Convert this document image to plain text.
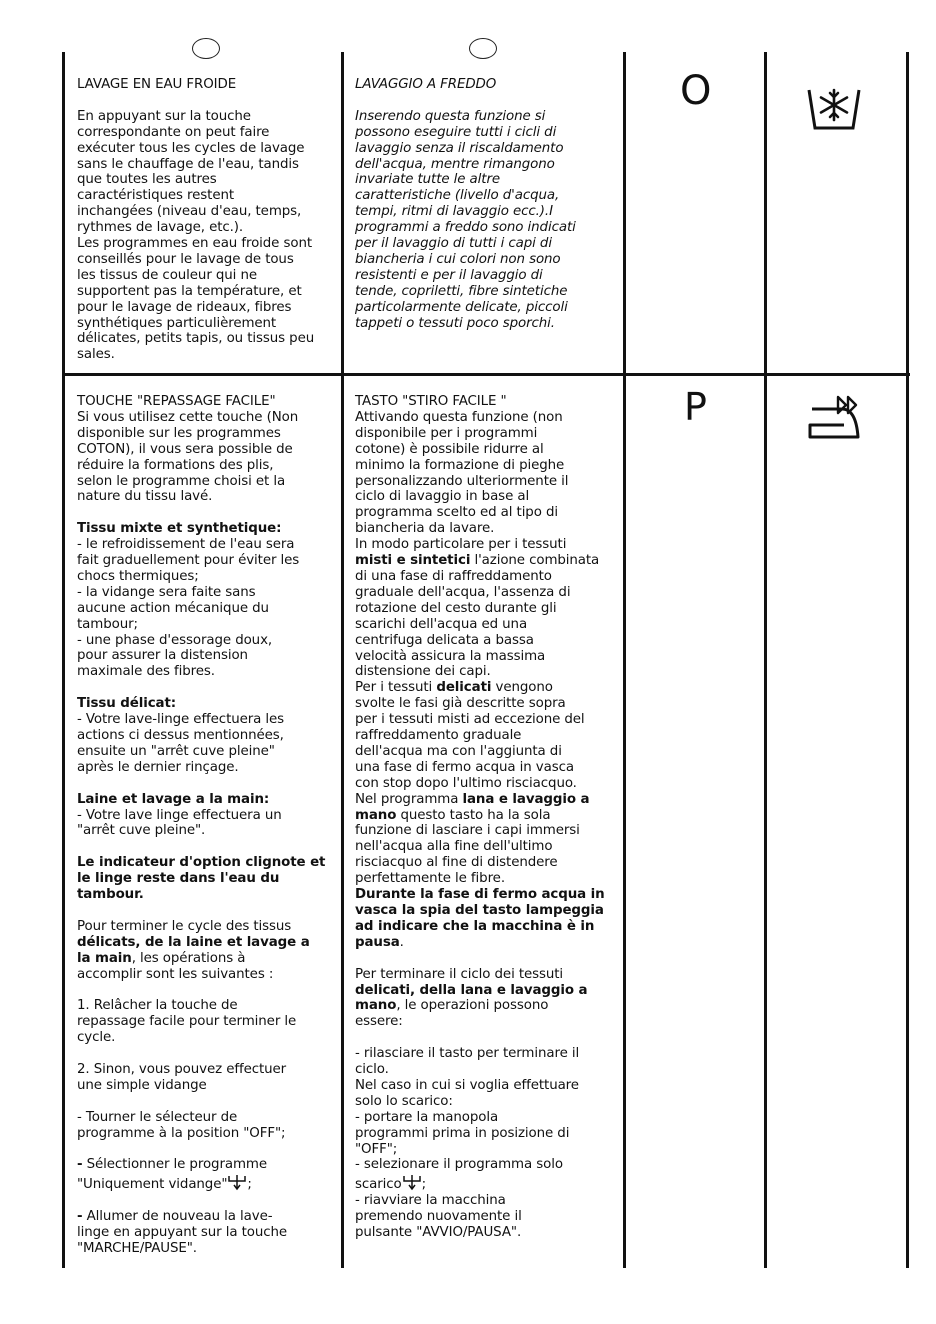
LAVAGE EN EAU FROIDE

En appuyant sur la touche

correspondante on peut faire

exécuter tous les cycles de lavage

sans le chauffage de l'eau, tandis

que toutes les autres

caractéristiques restent

inchangées (niveau d'eau, temps,

rythmes de lavage, etc.).

Les programmes en eau froide sont

conseillés pour le lavage de tous

les tissus de couleur qui ne

supportent pas la température, et

pour le lavage de rideaux, fibres

synthétiques particulièrement

délicates, petits tapis, ou tissus peu

sales.

LAVAGGIO A FREDDO

Inserendo questa funzione si

possono eseguire tutti i cicli di

lavaggio senza il riscaldamento

dell'acqua, mentre rimangono

invariate tutte le altre

caratteristiche (livello d'acqua,

tempi, ritmi di lavaggio ecc.).I

programmi a freddo sono indicati

per il lavaggio di tutti i capi di

biancheria i cui colori non sono

resistenti e per il lavaggio di

tende, copriletti, fibre sintetiche

particolarmente delicate, piccoli

tappeti o tessuti poco sporchi.

O

TOUCHE "REPASSAGE FACILE"

Si vous utilisez cette touche (Non

disponible sur les programmes

COTON), il vous sera possible de

réduire la formations des plis,

selon le programme choisi et la

nature du tissu lavé.

Tissu mixte et synthetique:

- le refroidissement de l'eau sera

fait graduellement pour éviter les

chocs thermiques;

- la vidange sera faite sans

aucune action mécanique du

tambour;

- une phase d'essorage doux,

pour assurer la distension

maximale des fibres.

Tissu délicat:

- Votre lave-linge effectuera les

actions ci dessus mentionnées,

ensuite un "arrêt cuve pleine"

après le dernier rinçage.

Laine et lavage a la main:

- Votre lave linge effectuera un

"arrêt cuve pleine".

Le indicateur d'option clignote et

le linge reste dans l'eau du

tambour.

Pour terminer le cycle des tissus

délicats, de la laine et lavage a

la main, les opérations à

accomplir sont les suivantes :

1. Relâcher la touche de

repassage facile pour terminer le

cycle.

2. Sinon, vous pouvez effectuer

une simple vidange

- Tourner le sélecteur de

programme à la position "OFF";

- Sélectionner le programme

"Uniquement vidange" ;

- Allumer de nouveau la lave-

linge en appuyant sur la touche

"MARCHE/PAUSE".

TASTO "STIRO FACILE "

Attivando questa funzione (non

disponibile per i programmi

cotone) è possibile ridurre al

minimo la formazione di pieghe

personalizzando ulteriormente il

ciclo di lavaggio in base al

programma scelto ed al tipo di

biancheria da lavare.

In modo particolare per i tessuti

misti e sintetici l'azione combinata

di una fase di raffreddamento

graduale dell'acqua, l'assenza di

rotazione del cesto durante gli

scarichi dell'acqua ed una

centrifuga delicata a bassa

velocità assicura la massima

distensione dei capi.

Per i tessuti delicati vengono

svolte le fasi già descritte sopra

per i tessuti misti ad eccezione del

raffreddamento graduale

dell'acqua ma con l'aggiunta di

una fase di fermo acqua in vasca

con stop dopo l'ultimo risciacquo.

Nel programma lana e lavaggio a

mano questo tasto ha la sola

funzione di lasciare i capi immersi

nell'acqua alla fine dell'ultimo

risciacquo al fine di distendere

perfettamente le fibre.

Durante la fase di fermo acqua in

vasca la spia del tasto lampeggia

ad indicare che la macchina è in

pausa.

Per terminare il ciclo dei tessuti

delicati, della lana e lavaggio a

mano, le operazioni possono

essere:

- rilasciare il tasto per terminare il

ciclo.

Nel caso in cui si voglia effettuare

solo lo scarico:

- portare la manopola

programmi prima in posizione di

"OFF";

- selezionare il programma solo

scarico ;

- riavviare la macchina

premendo nuovamente il

pulsante "AVVIO/PAUSA".

P
